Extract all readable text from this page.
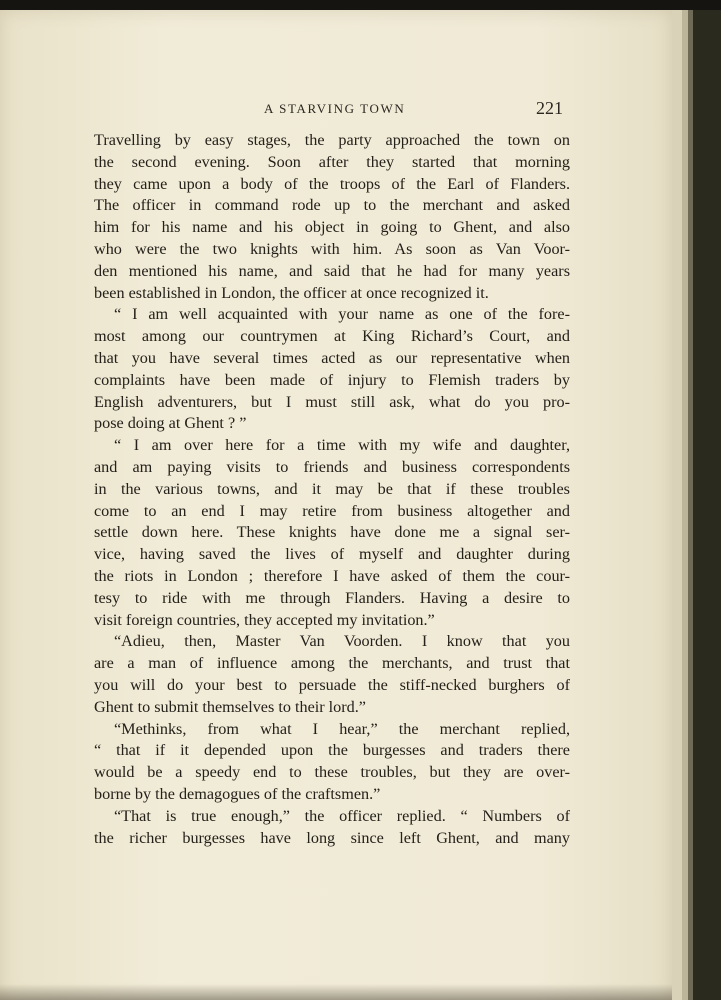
A STARVING TOWN	221
Travelling by easy stages, the party approached the town on
the second evening. Soon after they started that morning
they came upon a body of the troops of the Earl of Flanders.
The officer in command rode up to the merchant and asked
him for his name and his object in going to Ghent, and also
who were the two knights with him. As soon as Van Voor-
den mentioned his name, and said that he had for many years
been established in London, the officer at once recognized it.
“ I am well acquainted with your name as one of the fore-
most among our countrymen at King Richard’s Court, and
that you have several times acted as our representative when
complaints have been made of injury to Flemish traders by
English adventurers, but I must still ask, what do you pro-
pose doing at Ghent ? ”
“ I am over here for a time with my wife and daughter,
and am paying visits to friends and business correspondents
in the various towns, and it may be that if these troubles
come to an end I may retire from business altogether and
settle down here. These knights have done me a signal ser-
vice, having saved the lives of myself and daughter during
the riots in London ; therefore I have asked of them the cour-
tesy to ride with me through Flanders. Having a desire to
visit foreign countries, they accepted my invitation.”
“Adieu, then, Master Van Voorden. I know that you
are a man of influence among the merchants, and trust that
you will do your best to persuade the stiff-necked burghers of
Ghent to submit themselves to their lord.”
“Methinks, from what I hear,” the merchant replied,
“ that if it depended upon the burgesses and traders there
would be a speedy end to these troubles, but they are over-
borne by the demagogues of the craftsmen.”
“That is true enough,” the officer replied. “ Numbers of
the richer burgesses have long since left Ghent, and many
